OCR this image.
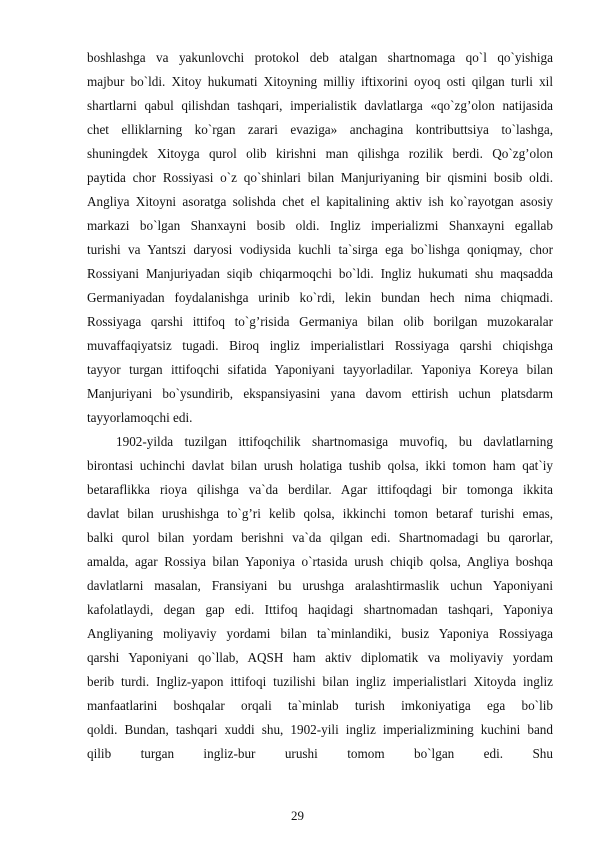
boshlashga va yakunlovchi protokol deb atalgan shartnomaga qo`l qo`yishiga
majbur bo`ldi. Xitoy hukumati Xitoyning milliy iftixorini oyoq osti qilgan turli xil
shartlarni qabul qilishdan tashqari, imperialistik davlatlarga «qo`zg’olon natijasida
chet elliklarning ko`rgan zarari evaziga» anchagina kontributtsiya to`lashga,
shuningdek Xitoyga qurol olib kirishni man qilishga rozilik berdi. Qo`zg’olon
paytida chor Rossiyasi o`z qo`shinlari bilan Manjuriyaning bir qismini bosib oldi.
Angliya Xitoyni asoratga solishda chet el kapitalining aktiv ish ko`rayotgan asosiy
markazi bo`lgan Shanxayni bosib oldi. Ingliz imperializmi Shanxayni egallab
turishi va Yantszi daryosi vodiysida kuchli ta`sirga ega bo`lishga qoniqmay, chor
Rossiyani Manjuriyadan siqib chiqarmoqchi bo`ldi. Ingliz hukumati shu maqsadda
Germaniyadan foydalanishga urinib ko`rdi, lekin bundan hech nima chiqmadi.
Rossiyaga qarshi ittifoq to`g’risida Germaniya bilan olib borilgan muzokaralar
muvaffaqiyatsiz tugadi. Biroq ingliz imperialistlari Rossiyaga qarshi chiqishga
tayyor turgan ittifoqchi sifatida Yaponiyani tayyorladilar. Yaponiya Koreya bilan
Manjuriyani bo`ysundirib, ekspansiyasini yana davom ettirish uchun platsdarm
tayyorlamoqchi edi.
1902-yilda tuzilgan ittifoqchilik shartnomasiga muvofiq, bu davlatlarning
birontasi uchinchi davlat bilan urush holatiga tushib qolsa, ikki tomon ham qat`iy
betaraflikka rioya qilishga va`da berdilar. Agar ittifoqdagi bir tomonga ikkita
davlat bilan urushishga to`g’ri kelib qolsa, ikkinchi tomon betaraf turishi emas,
balki qurol bilan yordam berishni va`da qilgan edi. Shartnomadagi bu qarorlar,
amalda, agar Rossiya bilan Yaponiya o`rtasida urush chiqib qolsa, Angliya boshqa
davlatlarni masalan, Fransiyani bu urushga aralashtirmaslik uchun Yaponiyani
kafolatlaydi, degan gap edi. Ittifoq haqidagi shartnomadan tashqari, Yaponiya
Angliyaning moliyaviy yordami bilan ta`minlandiki, busiz Yaponiya Rossiyaga
qarshi Yaponiyani qo`llab, AQSH ham aktiv diplomatik va moliyaviy yordam
berib turdi. Ingliz-yapon ittifoqi tuzilishi bilan ingliz imperialistlari Xitoyda ingliz
manfaatlarini boshqalar orqali ta`minlab turish imkoniyatiga ega bo`lib
qoldi. Bundan, tashqari xuddi shu, 1902-yili ingliz imperializmining kuchini band
qilib turgan ingliz-bur urushi tomom bo`lgan edi. Shu
29
